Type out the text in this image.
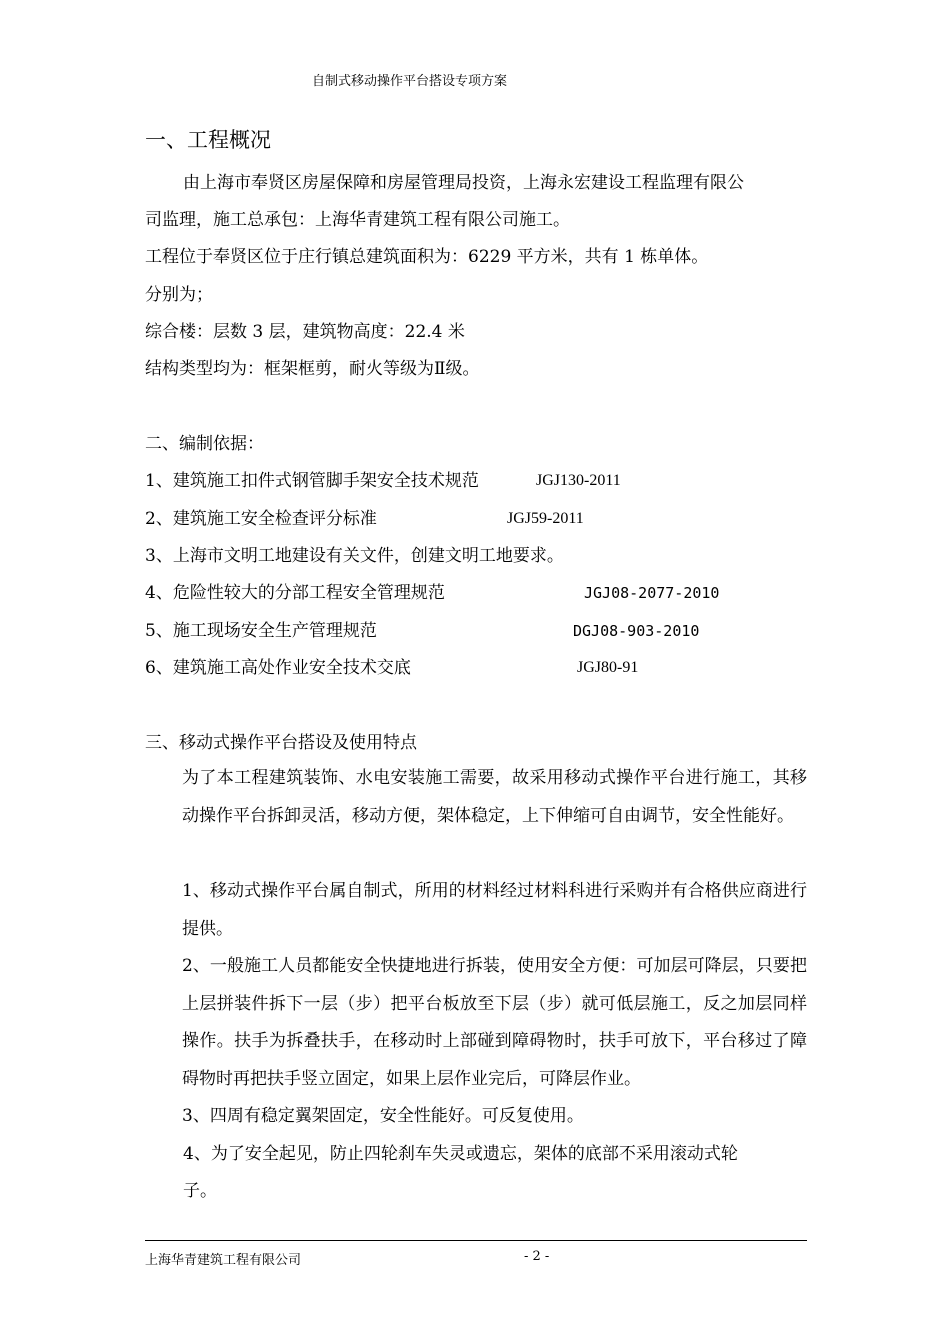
自制式移动操作平台搭设专项方案
一、工程概况
由上海市奉贤区房屋保障和房屋管理局投资，上海永宏建设工程监理有限公
司监理，施工总承包：上海华青建筑工程有限公司施工。
工程位于奉贤区位于庄行镇总建筑面积为：6229 平方米，共有 1 栋单体。
分别为；
综合楼：层数 3 层，建筑物高度：22.4 米
结构类型均为：框架框剪，耐火等级为Ⅱ级。
二、编制依据：
1、建筑施工扣件式钢管脚手架安全技术规范	JGJ130-2011
2、建筑施工安全检查评分标准	JGJ59-2011
3、上海市文明工地建设有关文件，创建文明工地要求。
4、危险性较大的分部工程安全管理规范	JGJ08-2077-2010
5、施工现场安全生产管理规范	DGJ08-903-2010
6、建筑施工高处作业安全技术交底	JGJ80-91
三、移动式操作平台搭设及使用特点
为了本工程建筑装饰、水电安装施工需要，故采用移动式操作平台进行施工，其移动操作平台拆卸灵活，移动方便，架体稳定，上下伸缩可自由调节，安全性能好。
1、移动式操作平台属自制式，所用的材料经过材料科进行采购并有合格供应商进行提供。
2、一般施工人员都能安全快捷地进行拆装，使用安全方便：可加层可降层，只要把上层拼装件拆下一层（步）把平台板放至下层（步）就可低层施工，反之加层同样操作。扶手为拆叠扶手，在移动时上部碰到障碍物时，扶手可放下，平台移过了障碍物时再把扶手竖立固定，如果上层作业完后，可降层作业。
3、四周有稳定翼架固定，安全性能好。可反复使用。
4、为了安全起见，防止四轮刹车失灵或遗忘，架体的底部不采用滚动式轮
子。
上海华青建筑工程有限公司	- 2 -
